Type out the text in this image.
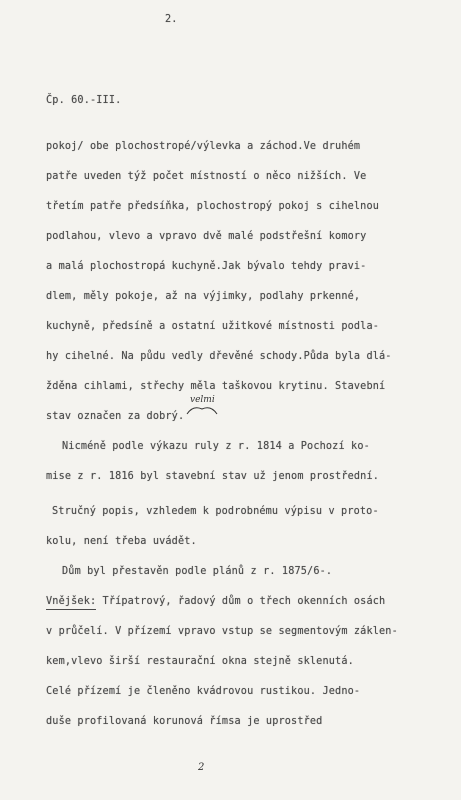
2.
Čp. 60.-III.
pokoj/ obe plochostropé/výlevka a záchod.Ve druhém
patře uveden týž počet místností o něco nižších. Ve
třetím patře předsíňka, plochostropý pokoj s cihelnou
podlahou, vlevo a vpravo dvě malé podstřešní komory
a malá plochostropá kuchyně.Jak bývalo tehdy pravi-
dlem, měly pokoje, až na výjimky, podlahy prkenné,
kuchyně, předsíně a ostatní užitkové místnosti podla-
hy cihelné. Na půdu vedly dřevěné schody.Půda byla dlá-
žděna cihlami, střechy měla taškovou krytinu. Stavební
stav označen za dobrý.
velmi
Nicméně podle výkazu ruly z r. 1814 a Pochozí ko-
mise z r. 1816 byl stavební stav už jenom prostřední.
Stručný popis, vzhledem k podrobnému výpisu v proto-
kolu, není třeba uvádět.
Dům byl přestavěn podle plánů z r. 1875/6-.
Vnějšek: Třípatrový, řadový dům o třech okenních osách
v průčelí. V přízemí vpravo vstup se segmentovým záklen-
kem,vlevo širší restaurační okna stejně sklenutá.
Celé přízemí je členěno kvádrovou rustikou. Jedno-
duše profilovaná korunová římsa je uprostřed
2
